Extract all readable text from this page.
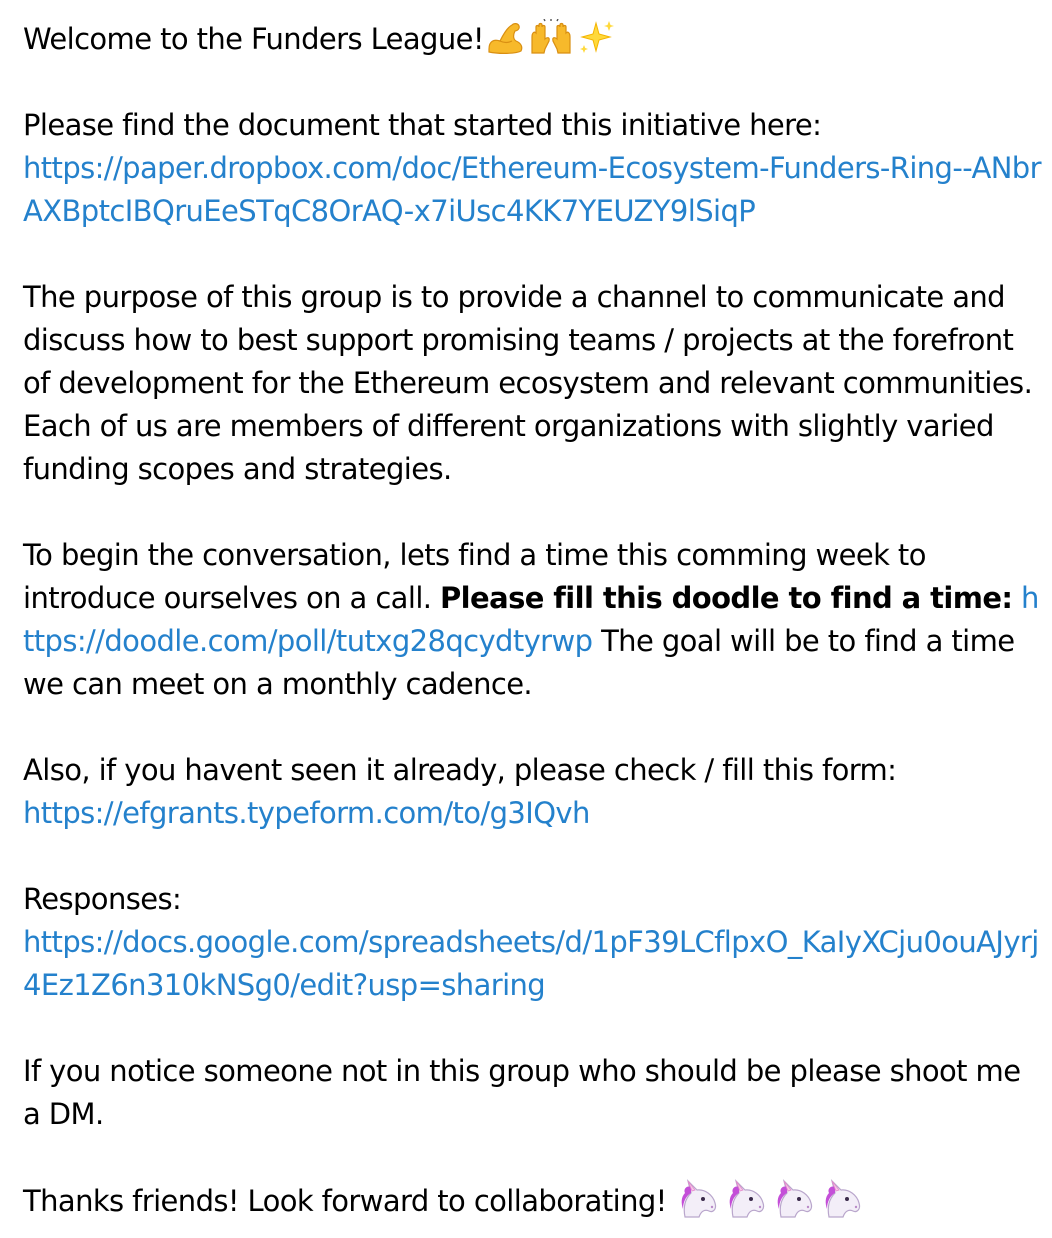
Welcome to the Funders League!

Please find the document that started this initiative here:
https://paper.dropbox.com/doc/Ethereum-Ecosystem-Funders-Ring--ANbrAXBptcIBQruEeSTqC8OrAQ-x7iUsc4KK7YEUZY9lSiqP

The purpose of this group is to provide a channel to communicate and discuss how to best support promising teams / projects at the forefront of development for the Ethereum ecosystem and relevant communities. Each of us are members of different organizations with slightly varied funding scopes and strategies.

To begin the conversation, lets find a time this comming week to introduce ourselves on a call. Please fill this doodle to find a time: https://doodle.com/poll/tutxg28qcydtyrwp The goal will be to find a time we can meet on a monthly cadence.

Also, if you havent seen it already, please check / fill this form:
https://efgrants.typeform.com/to/g3IQvh

Responses:
https://docs.google.com/spreadsheets/d/1pF39LCflpxO_KaIyXCju0ouAJyrj4Ez1Z6n310kNSg0/edit?usp=sharing

If you notice someone not in this group who should be please shoot me a DM.

Thanks friends! Look forward to collaborating!
